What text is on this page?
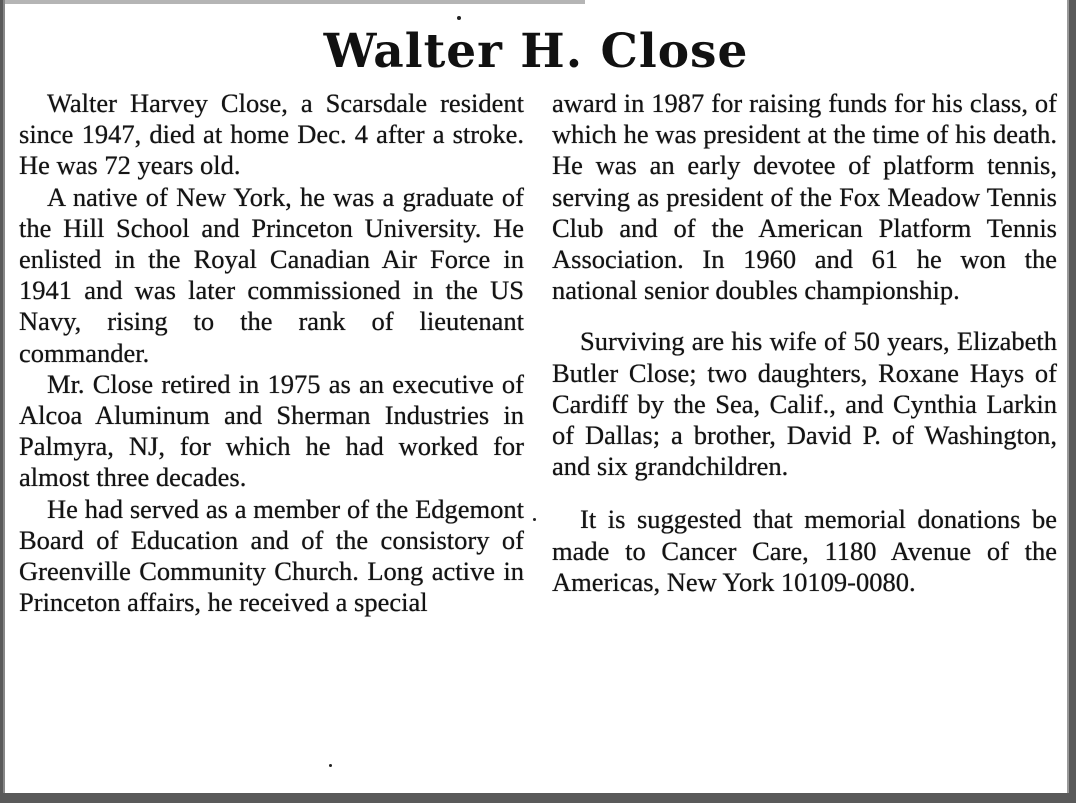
Walter H. Close

Walter Harvey Close, a Scarsdale resident since 1947, died at home Dec. 4 after a stroke. He was 72 years old.

A native of New York, he was a graduate of the Hill School and Princeton University. He enlisted in the Royal Canadian Air Force in 1941 and was later commissioned in the US Navy, rising to the rank of lieutenant commander.

Mr. Close retired in 1975 as an executive of Alcoa Aluminum and Sherman Industries in Palmyra, NJ, for which he had worked for almost three decades.

He had served as a member of the Edgemont Board of Education and of the consistory of Greenville Community Church. Long active in Princeton affairs, he received a special

award in 1987 for raising funds for his class, of which he was president at the time of his death. He was an early devotee of platform tennis, serving as president of the Fox Meadow Tennis Club and of the American Platform Tennis Association. In 1960 and 61 he won the national senior doubles championship.

Surviving are his wife of 50 years, Elizabeth Butler Close; two daughters, Roxane Hays of Cardiff by the Sea, Calif., and Cynthia Larkin of Dallas; a brother, David P. of Washington, and six grandchildren.

It is suggested that memorial donations be made to Cancer Care, 1180 Avenue of the Americas, New York 10109-0080.
